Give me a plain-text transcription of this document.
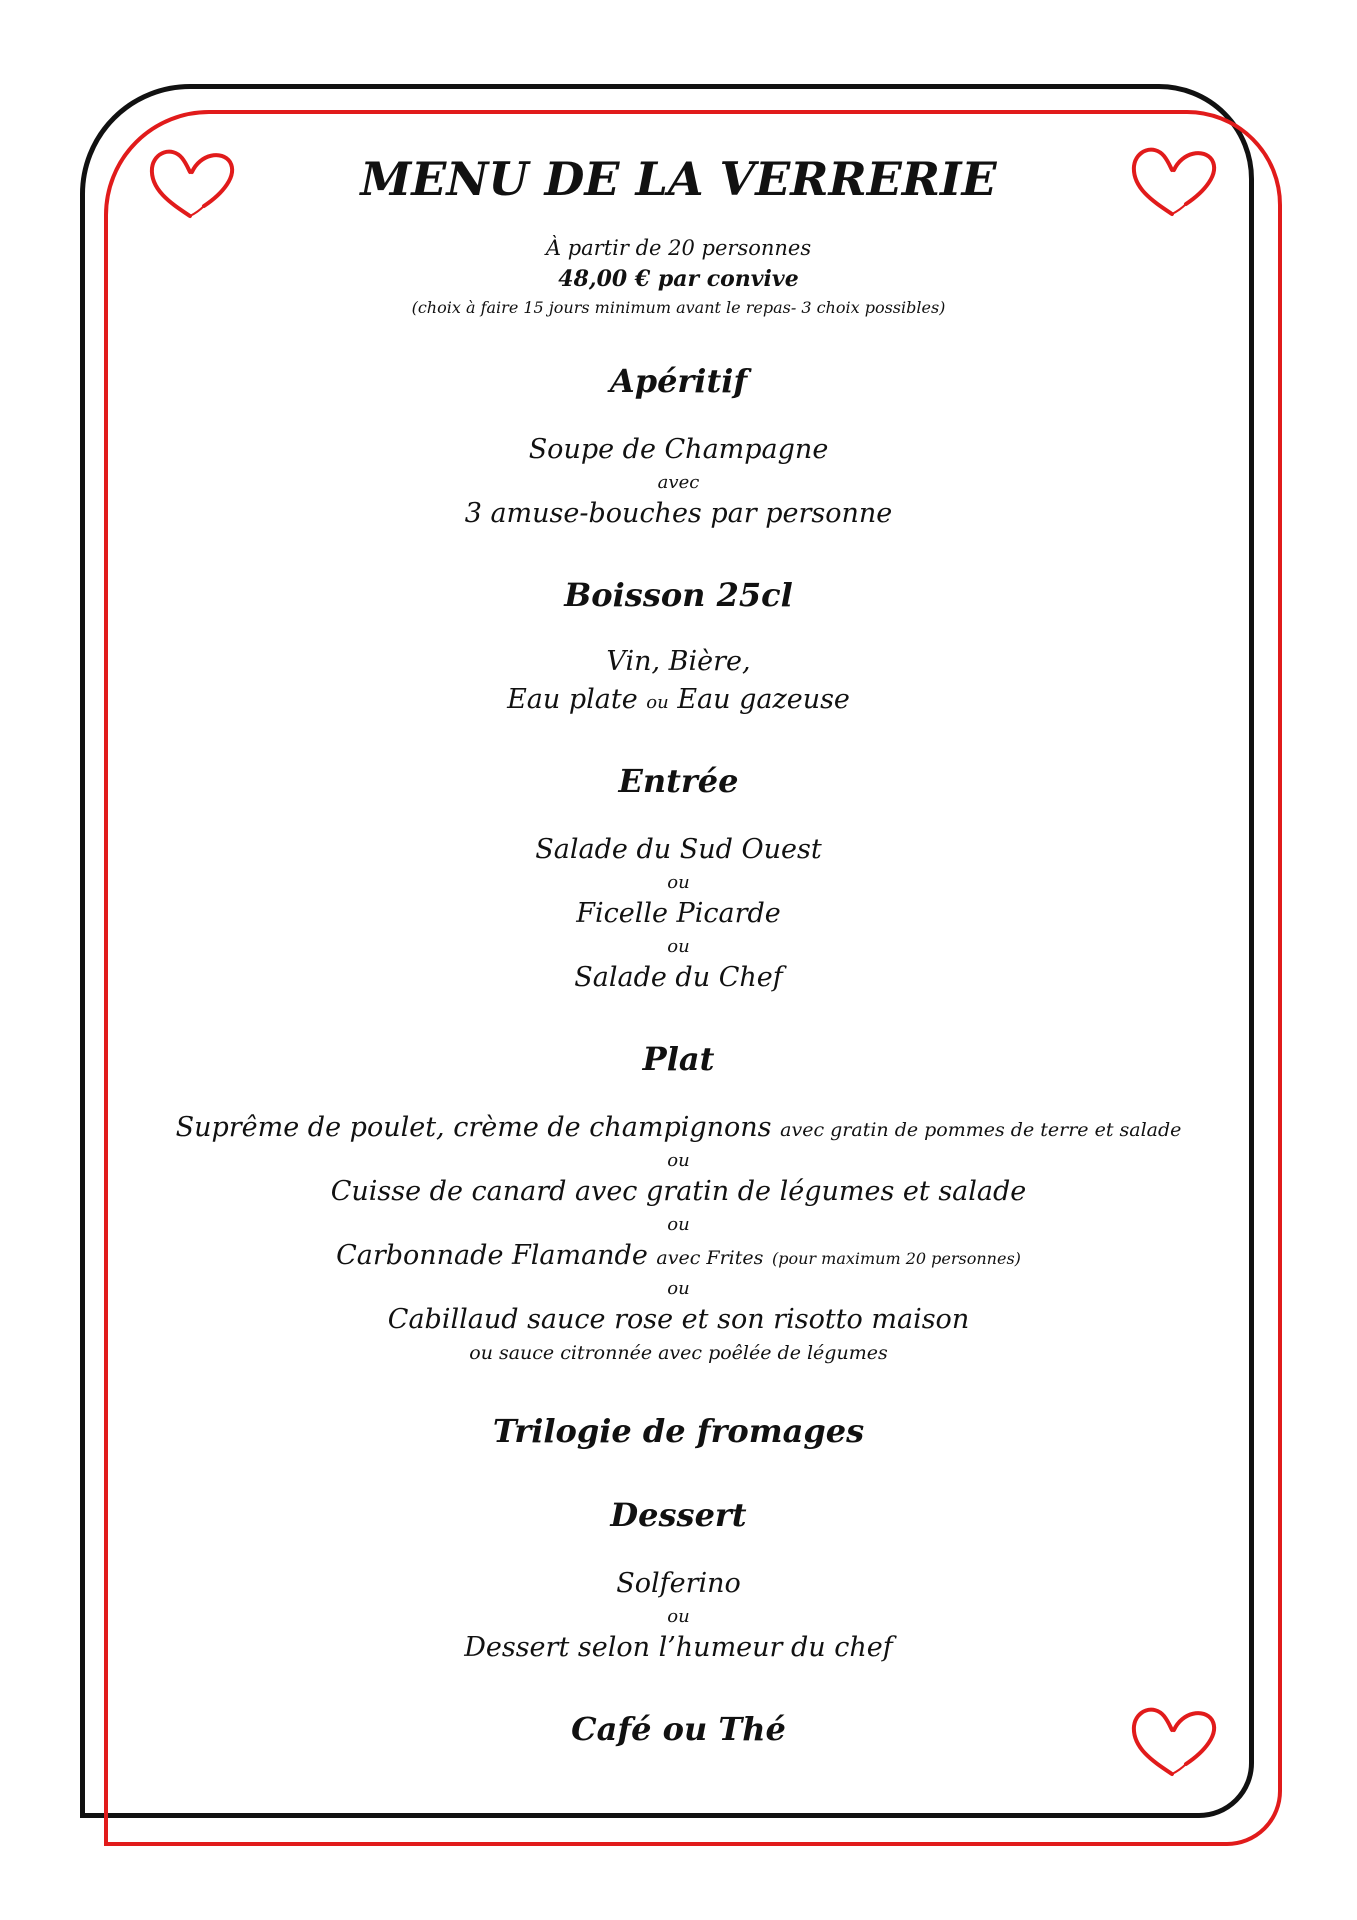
MENU DE LA VERRERIE
À partir de 20 personnes
48,00 € par convive
(choix à faire 15 jours minimum avant le repas- 3 choix possibles)
Apéritif
Soupe de Champagne
avec
3 amuse-bouches par personne
Boisson 25cl
Vin, Bière,
Eau plate ou Eau gazeuse
Entrée
Salade du Sud Ouest
ou
Ficelle Picarde
ou
Salade du Chef
Plat
Suprême de poulet, crème de champignons avec gratin de pommes de terre et salade
ou
Cuisse de canard avec gratin de légumes et salade
ou
Carbonnade Flamande avec Frites (pour maximum 20 personnes)
ou
Cabillaud sauce rose et son risotto maison
ou sauce citronnée avec poêlée de légumes
Trilogie de fromages
Dessert
Solferino
ou
Dessert selon l’humeur du chef
Café ou Thé
